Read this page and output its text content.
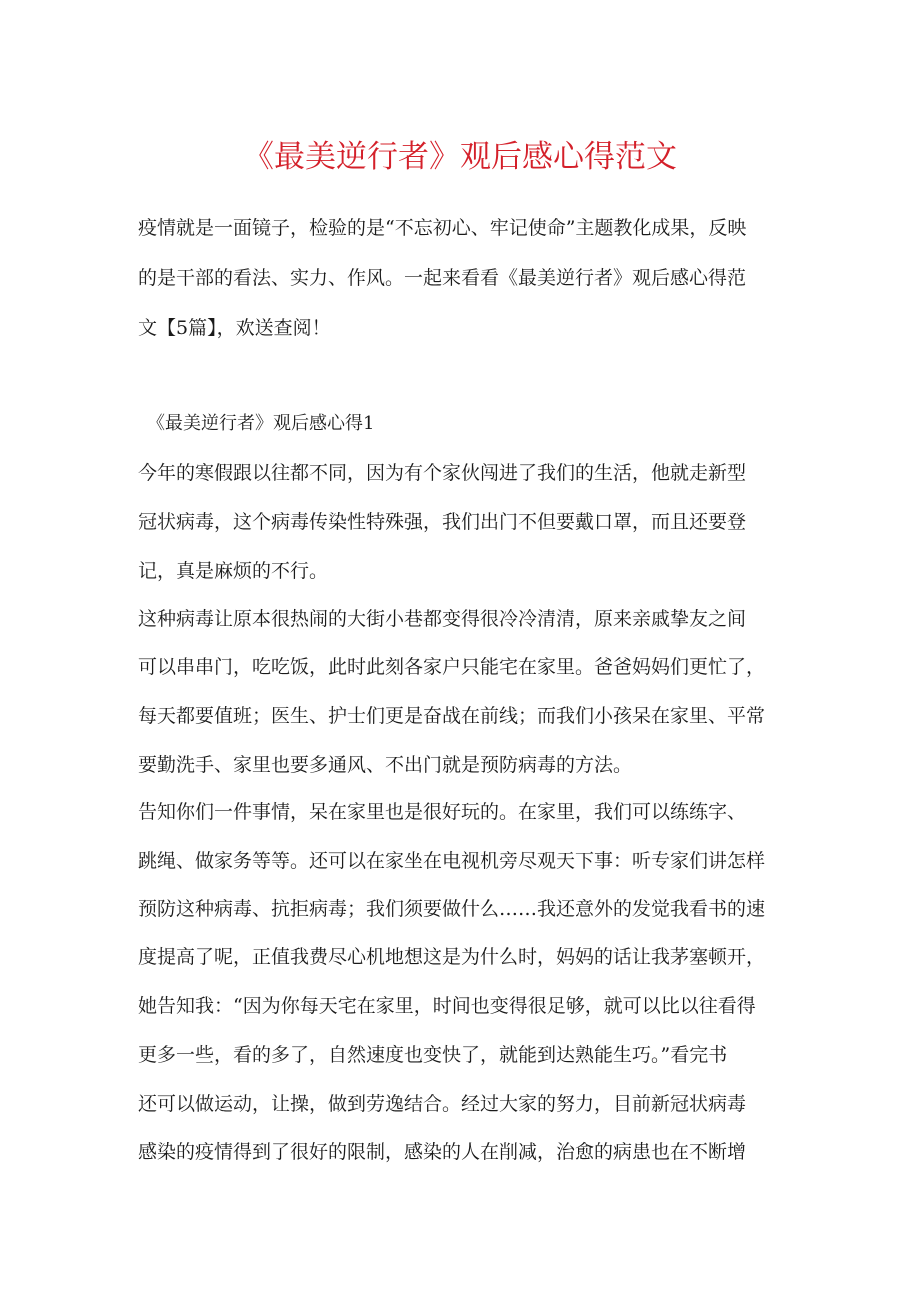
《最美逆行者》观后感心得范文

疫情就是一面镜子，检验的是“不忘初心、牢记使命”主题教化成果，反映

的是干部的看法、实力、作风。一起来看看《最美逆行者》观后感心得范

文【5篇】，欢送查阅！

《最美逆行者》观后感心得1

今年的寒假跟以往都不同，因为有个家伙闯进了我们的生活，他就走新型

冠状病毒，这个病毒传染性特殊强，我们出门不但要戴口罩，而且还要登

记，真是麻烦的不行。

这种病毒让原本很热闹的大街小巷都变得很冷冷清清，原来亲戚挚友之间

可以串串门，吃吃饭，此时此刻各家户只能宅在家里。爸爸妈妈们更忙了，

每天都要值班；医生、护士们更是奋战在前线；而我们小孩呆在家里、平常

要勤洗手、家里也要多通风、不出门就是预防病毒的方法。

告知你们一件事情，呆在家里也是很好玩的。在家里，我们可以练练字、

跳绳、做家务等等。还可以在家坐在电视机旁尽观天下事：听专家们讲怎样

预防这种病毒、抗拒病毒；我们须要做什么……我还意外的发觉我看书的速

度提高了呢，正值我费尽心机地想这是为什么时，妈妈的话让我茅塞顿开，

她告知我：“因为你每天宅在家里，时间也变得很足够，就可以比以往看得

更多一些，看的多了，自然速度也变快了，就能到达熟能生巧。”看完书

还可以做运动，让操，做到劳逸结合。经过大家的努力，目前新冠状病毒

感染的疫情得到了很好的限制，感染的人在削减，治愈的病患也在不断增
